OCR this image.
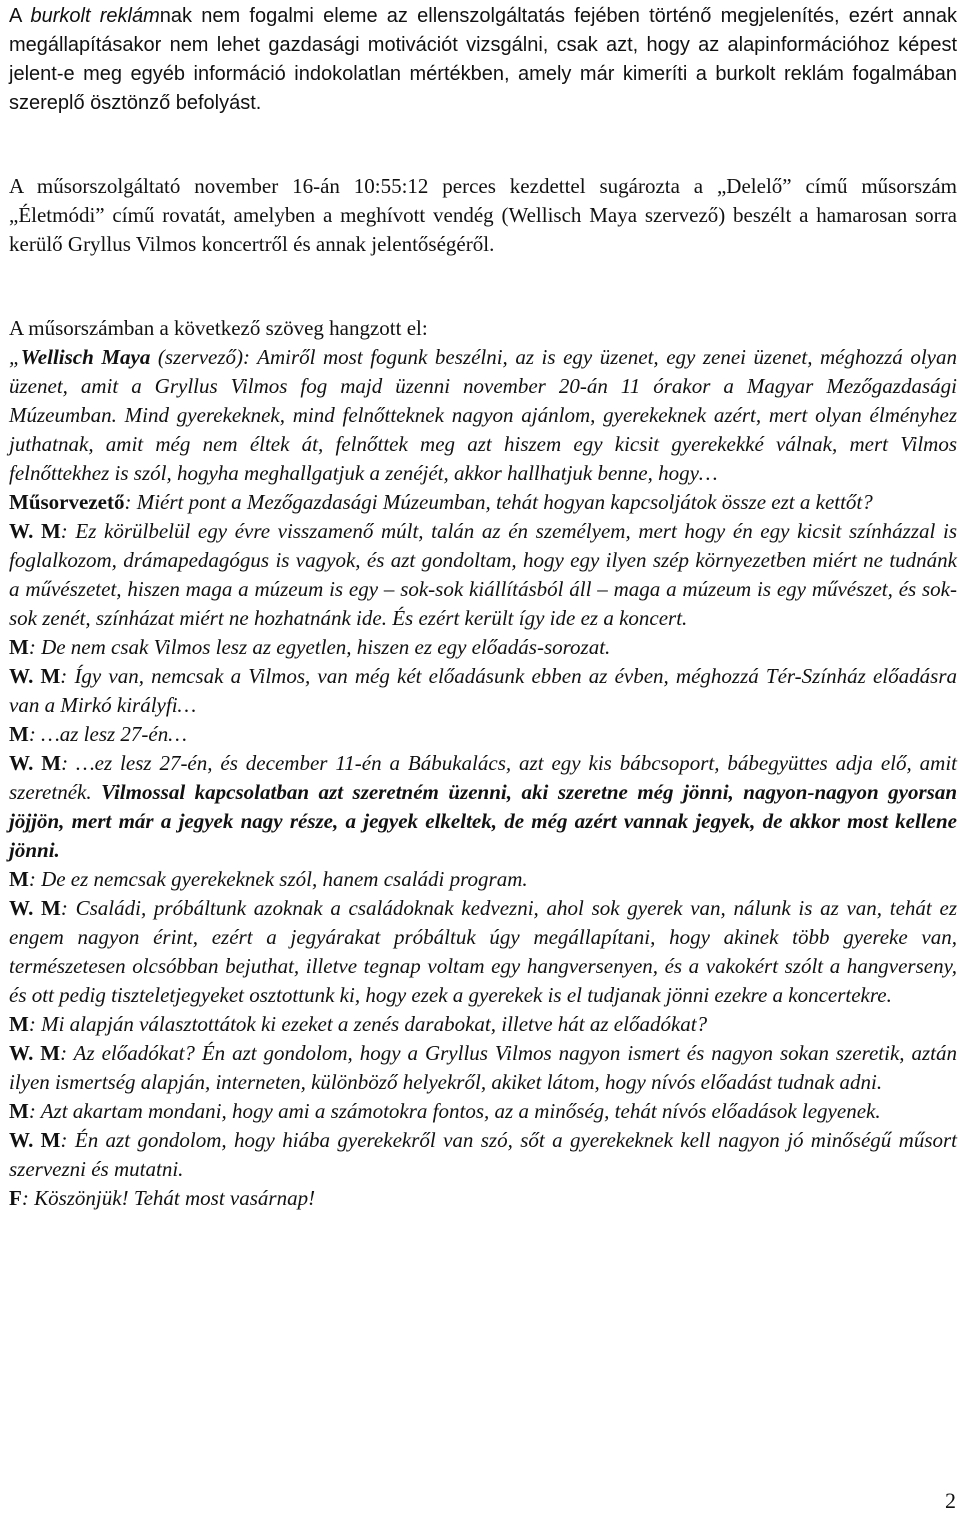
A burkolt reklámnak nem fogalmi eleme az ellenszolgáltatás fejében történő megjelenítés, ezért annak megállapításakor nem lehet gazdasági motivációt vizsgálni, csak azt, hogy az alapinformációhoz képest jelent-e meg egyéb információ indokolatlan mértékben, amely már kimeríti a burkolt reklám fogalmában szereplő ösztönző befolyást.

A műsorszolgáltató november 16-án 10:55:12 perces kezdettel sugározta a „Delelő” című műsorszám „Életmódi” című rovatát, amelyben a meghívott vendég (Wellisch Maya szervező) beszélt a hamarosan sorra kerülő Gryllus Vilmos koncertről és annak jelentőségéről.

A műsorszámban a következő szöveg hangzott el:

„Wellisch Maya (szervező): Amiről most fogunk beszélni, az is egy üzenet, egy zenei üzenet, méghozzá olyan üzenet, amit a Gryllus Vilmos fog majd üzenni november 20-án 11 órakor a Magyar Mezőgazdasági Múzeumban. Mind gyerekeknek, mind felnőtteknek nagyon ajánlom, gyerekeknek azért, mert olyan élményhez juthatnak, amit még nem éltek át, felnőttek meg azt hiszem egy kicsit gyerekekké válnak, mert Vilmos felnőttekhez is szól, hogyha meghallgatjuk a zenéjét, akkor hallhatjuk benne, hogy…

Műsorvezető: Miért pont a Mezőgazdasági Múzeumban, tehát hogyan kapcsoljátok össze ezt a kettőt?

W. M: Ez körülbelül egy évre visszamenő múlt, talán az én személyem, mert hogy én egy kicsit színházzal is foglalkozom, drámapedagógus is vagyok, és azt gondoltam, hogy egy ilyen szép környezetben miért ne tudnánk a művészetet, hiszen maga a múzeum is egy – sok-sok kiállításból áll – maga a múzeum is egy művészet, és sok-sok zenét, színházat miért ne hozhatnánk ide. És ezért került így ide ez a koncert.

M: De nem csak Vilmos lesz az egyetlen, hiszen ez egy előadás-sorozat.

W. M: Így van, nemcsak a Vilmos, van még két előadásunk ebben az évben, méghozzá Tér-Színház előadásra van a Mirkó királyfi…

M: …az lesz 27-én…

W. M: …ez lesz 27-én, és december 11-én a Bábukalács, azt egy kis bábcsoport, bábegyüttes adja elő, amit szeretnék. Vilmossal kapcsolatban azt szeretném üzenni, aki szeretne még jönni, nagyon-nagyon gyorsan jöjjön, mert már a jegyek nagy része, a jegyek elkeltek, de még azért vannak jegyek, de akkor most kellene jönni.

M: De ez nemcsak gyerekeknek szól, hanem családi program.

W. M: Családi, próbáltunk azoknak a családoknak kedvezni, ahol sok gyerek van, nálunk is az van, tehát ez engem nagyon érint, ezért a jegyárakat próbáltuk úgy megállapítani, hogy akinek több gyereke van, természetesen olcsóbban bejuthat, illetve tegnap voltam egy hangversenyen, és a vakokért szólt a hangverseny, és ott pedig tiszteletjegyeket osztottunk ki, hogy ezek a gyerekek is el tudjanak jönni ezekre a koncertekre.

M: Mi alapján választottátok ki ezeket a zenés darabokat, illetve hát az előadókat?

W. M: Az előadókat? Én azt gondolom, hogy a Gryllus Vilmos nagyon ismert és nagyon sokan szeretik, aztán ilyen ismertség alapján, interneten, különböző helyekről, akiket látom, hogy nívós előadást tudnak adni.

M: Azt akartam mondani, hogy ami a számotokra fontos, az a minőség, tehát nívós előadások legyenek.

W. M: Én azt gondolom, hogy hiába gyerekekről van szó, sőt a gyerekeknek kell nagyon jó minőségű műsort szervezni és mutatni.

F: Köszönjük! Tehát most vasárnap!

2
